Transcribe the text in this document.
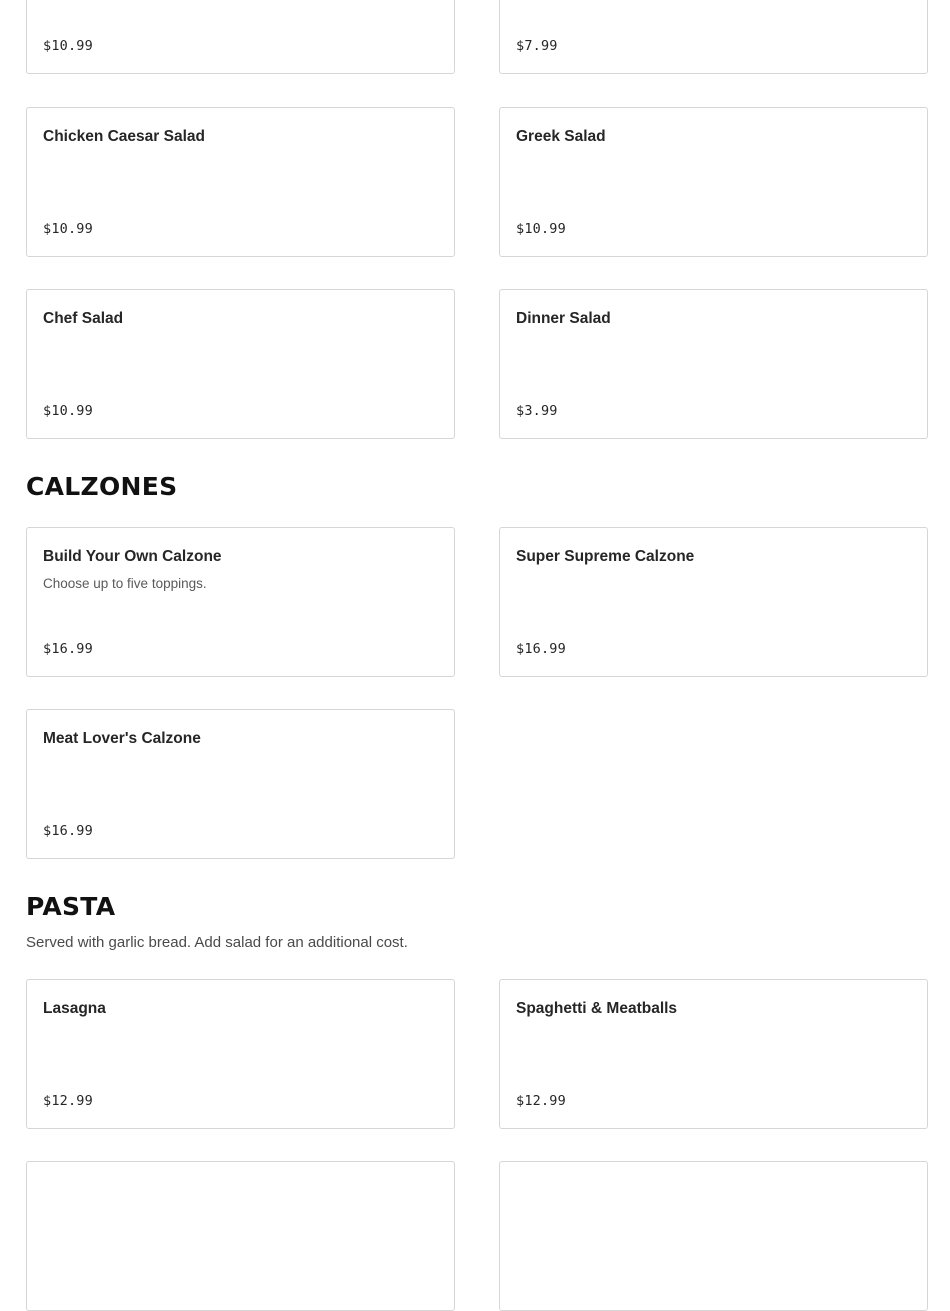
$10.99	$7.99
Chicken Caesar Salad
$10.99
Greek Salad
$10.99
Chef Salad
$10.99
Dinner Salad
$3.99
CALZONES
Build Your Own Calzone
Choose up to five toppings.
$16.99
Super Supreme Calzone
$16.99
Meat Lover's Calzone
$16.99
PASTA

Served with garlic bread. Add salad for an additional cost.

Lasagna
$12.99
Spaghetti & Meatballs
$12.99
